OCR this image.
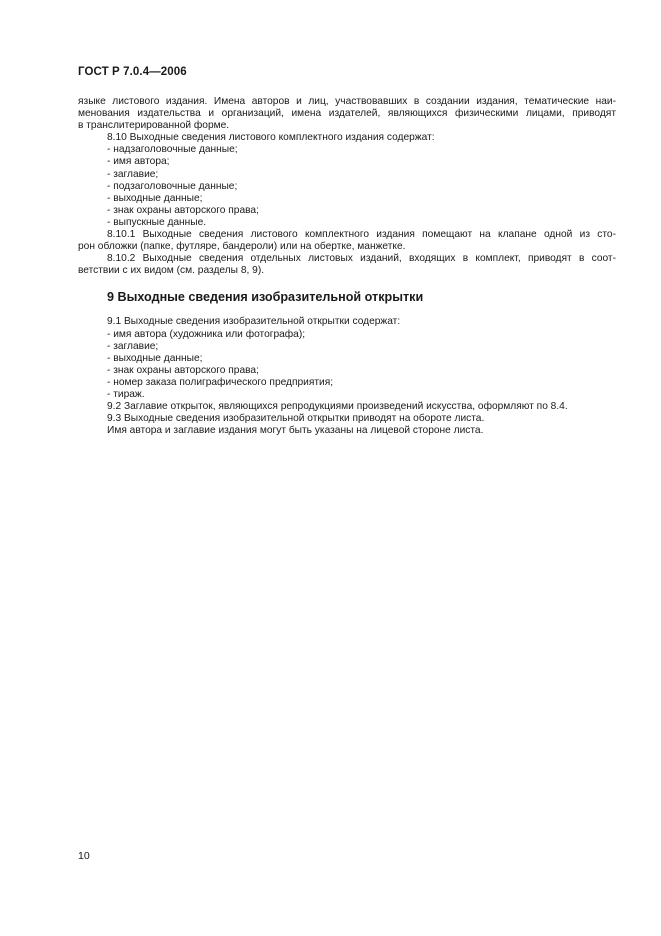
ГОСТ Р 7.0.4—2006
языке листового издания. Имена авторов и лиц, участвовавших в создании издания, тематические наи-
менования издательства и организаций, имена издателей, являющихся физическими лицами, приводят
в транслитерированной форме.
8.10 Выходные сведения листового комплектного издания содержат:
- надзаголовочные данные;
- имя автора;
- заглавие;
- подзаголовочные данные;
- выходные данные;
- знак охраны авторского права;
- выпускные данные.
8.10.1 Выходные сведения листового комплектного издания помещают на клапане одной из сто-
рон обложки (папке, футляре, бандероли) или на обертке, манжетке.
8.10.2 Выходные сведения отдельных листовых изданий, входящих в комплект, приводят в соот-
ветствии с их видом (см. разделы 8, 9).
9 Выходные сведения изобразительной открытки
9.1 Выходные сведения изобразительной открытки содержат:
- имя автора (художника или фотографа);
- заглавие;
- выходные данные;
- знак охраны авторского права;
- номер заказа полиграфического предприятия;
- тираж.
9.2 Заглавие открыток, являющихся репродукциями произведений искусства, оформляют по 8.4.
9.3 Выходные сведения изобразительной открытки приводят на обороте листа.
Имя автора и заглавие издания могут быть указаны на лицевой стороне листа.
10
